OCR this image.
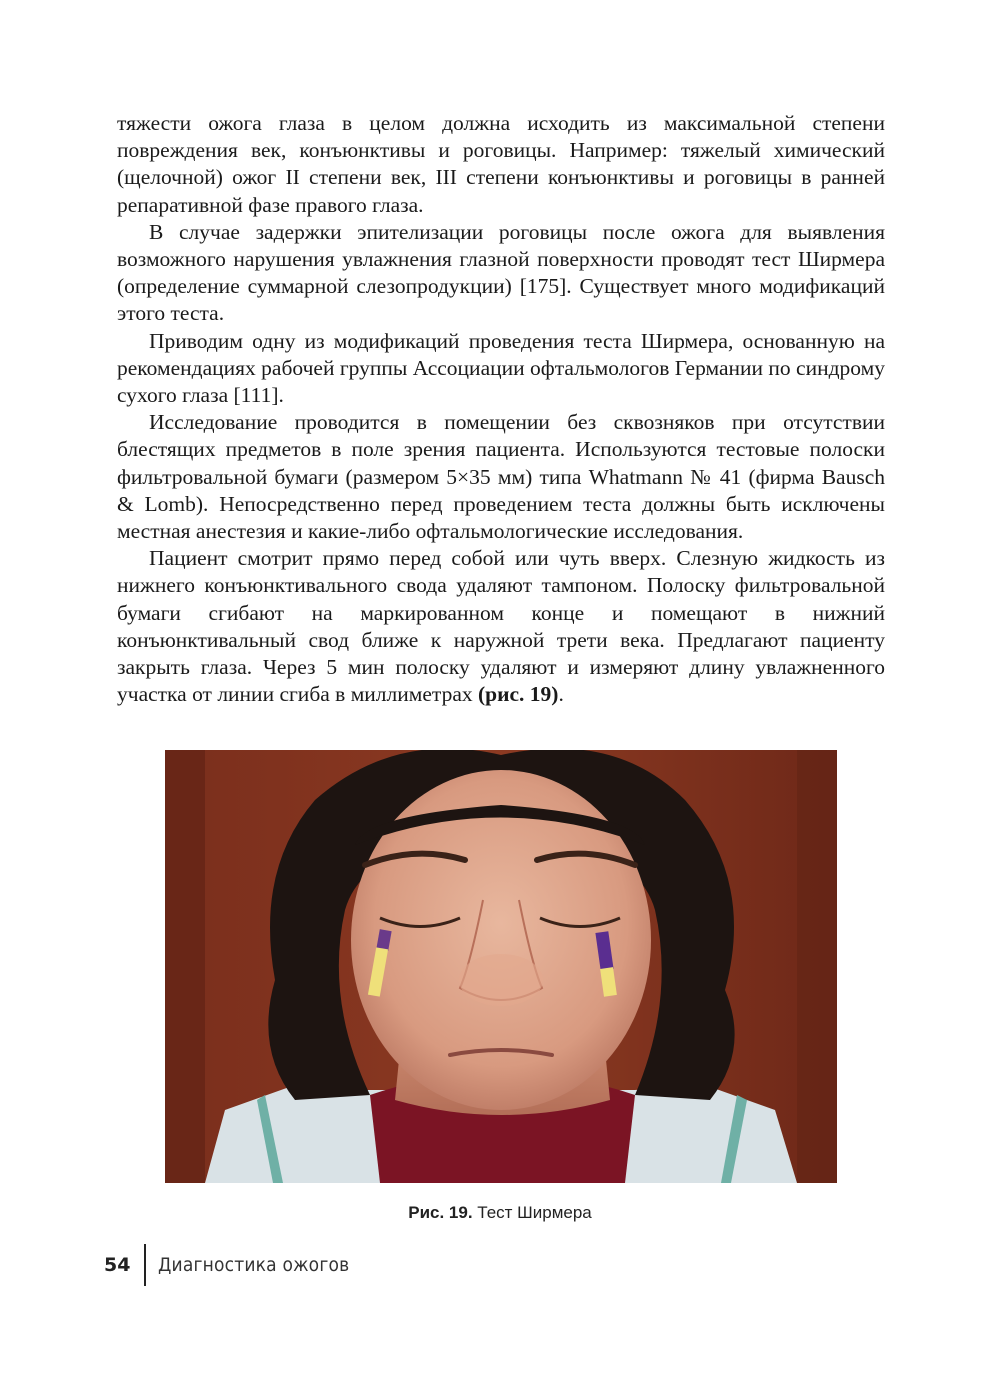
тяжести ожога глаза в целом должна исходить из максимальной степени повреждения век, конъюнктивы и роговицы. Например: тяжелый химический (щелочной) ожог II степени век, III степени конъюнктивы и роговицы в ранней репаративной фазе правого глаза.

В случае задержки эпителизации роговицы после ожога для выявления возможного нарушения увлажнения глазной поверхности проводят тест Ширмера (определение суммарной слезопродукции) [175]. Существует много модификаций этого теста.

Приводим одну из модификаций проведения теста Ширмера, основанную на рекомендациях рабочей группы Ассоциации офтальмологов Германии по синдрому сухого глаза [111].

Исследование проводится в помещении без сквозняков при отсутствии блестящих предметов в поле зрения пациента. Используются тестовые полоски фильтровальной бумаги (размером 5×35 мм) типа Whatmann № 41 (фирма Bausch & Lomb). Непосредственно перед проведением теста должны быть исключены местная анестезия и какие-либо офтальмологические исследования.

Пациент смотрит прямо перед собой или чуть вверх. Слезную жидкость из нижнего конъюнктивального свода удаляют тампоном. Полоску фильтровальной бумаги сгибают на маркированном конце и помещают в нижний конъюнктивальный свод ближе к наружной трети века. Предлагают пациенту закрыть глаза. Через 5 мин полоску удаляют и измеряют длину увлажненного участка от линии сгиба в миллиметрах (рис. 19).

Рис. 19. Тест Ширмера
54 Диагностика ожогов
